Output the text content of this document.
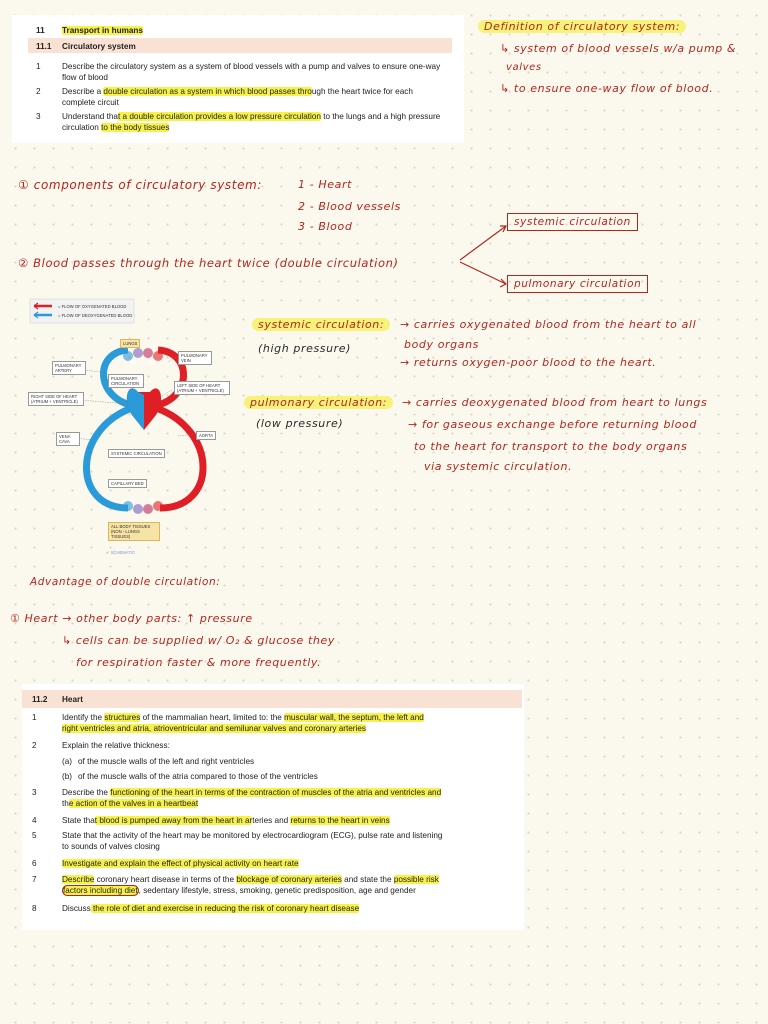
11 Transport in humans
11.1 Circulatory system
1	Describe the circulatory system as a system of blood vessels with a pump and valves to ensure one-way
flow of blood
2	Describe a double circulation as a system in which blood passes through the heart twice for each
complete circuit
3	Understand that a double circulation provides a low pressure circulation to the lungs and a high pressure
circulation to the body tissues
Definition of circulatory system:
↳ system of blood vessels w/a pump &
valves
↳ to ensure one-way flow of blood.
① components of circulatory system:	1 - Heart
2 - Blood vessels
3 - Blood
② Blood passes through the heart twice (double circulation)
systemic circulation
pulmonary circulation
systemic circulation:
(high pressure)
→ carries oxygenated blood from the heart to all
body organs
→ returns oxygen-poor blood to the heart.
pulmonary circulation:
(low pressure)
→ carries deoxygenated blood from heart to lungs
→ for gaseous exchange before returning blood
to the heart for transport to the body organs
via systemic circulation.
Advantage of double circulation:
① Heart → other body parts: ↑ pressure
↳ cells can be supplied w/ O₂ & glucose they
for respiration faster & more frequently.
= FLOW OF OXYGENATED BLOOD
= FLOW OF DEOXYGENATED BLOOD
LUNGS
PULMONARY ARTERY
PULMONARY VEIN
PULMONARY CIRCULATION	LEFT SIDE OF HEART (ATRIUM + VENTRICLE)
RIGHT SIDE OF HEART (ATRIUM + VENTRICLE)
VENA CAVA
AORTA
SYSTEMIC CIRCULATION
CAPILLARY BED
ALL BODY TISSUES (NON - LUNGS TISSUES)
✔ SCHEMATIC
11.2 Heart
1	Identify the structures of the mammalian heart, limited to: the muscular wall, the septum, the left and
right ventricles and atria, atrioventricular and semilunar valves and coronary arteries
2	Explain the relative thickness:
(a) of the muscle walls of the left and right ventricles
(b) of the muscle walls of the atria compared to those of the ventricles
3	Describe the functioning of the heart in terms of the contraction of muscles of the atria and ventricles and
the action of the valves in a heartbeat
4	State that blood is pumped away from the heart in arteries and returns to the heart in veins
5	State that the activity of the heart may be monitored by electrocardiogram (ECG), pulse rate and listening
to sounds of valves closing
6	Investigate and explain the effect of physical activity on heart rate
7	Describe coronary heart disease in terms of the blockage of coronary arteries and state the possible risk
factors including diet, sedentary lifestyle, stress, smoking, genetic predisposition, age and gender
8	Discuss the role of diet and exercise in reducing the risk of coronary heart disease
